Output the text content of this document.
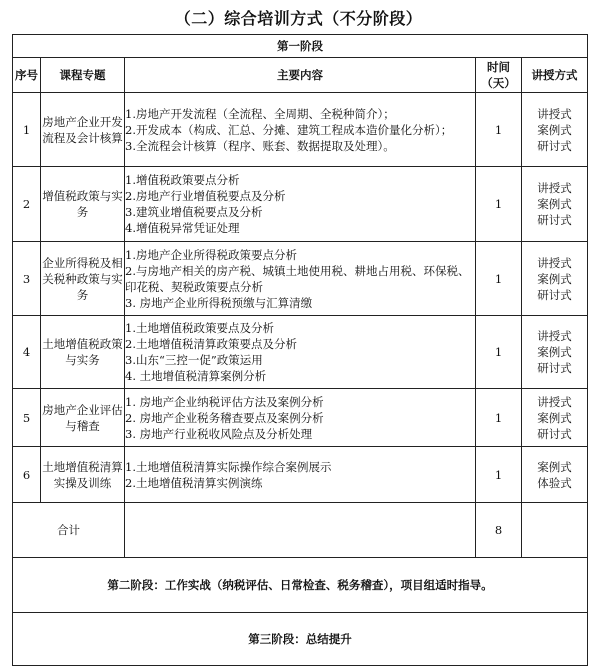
（二）综合培训方式（不分阶段）
第一阶段				
序号	课程专题	主要内容	时间（天）	讲授方式
1	房地产企业开发流程及会计核算	1.房地产开发流程（全流程、全周期、全税种简介）；
2.开发成本（构成、汇总、分摊、建筑工程成本造价量化分析）；
3.全流程会计核算（程序、账套、数据提取及处理）。	1	讲授式
案例式
研讨式

2	增值税政策与实务	1.增值税政策要点分析
2.房地产行业增值税要点及分析
3.建筑业增值税要点及分析
4.增值税异常凭证处理	1	讲授式
案例式
研讨式

3	企业所得税及相关税种政策与实务	1.房地产企业所得税政策要点分析
2.与房地产相关的房产税、城镇土地使用税、耕地占用税、环保税、印花税、契税政策要点分析
3. 房地产企业所得税预缴与汇算清缴	1	讲授式
案例式
研讨式

4	土地增值税政策与实务	1.土地增值税政策要点及分析
2.土地增值税清算政策要点及分析
3.山东“三控一促”政策运用
4. 土地增值税清算案例分析	1	讲授式
案例式
研讨式

5	房地产企业评估与稽查	1. 房地产企业纳税评估方法及案例分析
2. 房地产企业税务稽查要点及案例分析
3. 房地产行业税收风险点及分析处理	1	讲授式
案例式
研讨式

6	土地增值税清算实操及训练	1.土地增值税清算实际操作综合案例展示
2.土地增值税清算实例演练	1	案例式
体验式

合计			8	
第二阶段：工作实战（纳税评估、日常检查、税务稽查），项目组适时指导。				
第三阶段：总结提升				
